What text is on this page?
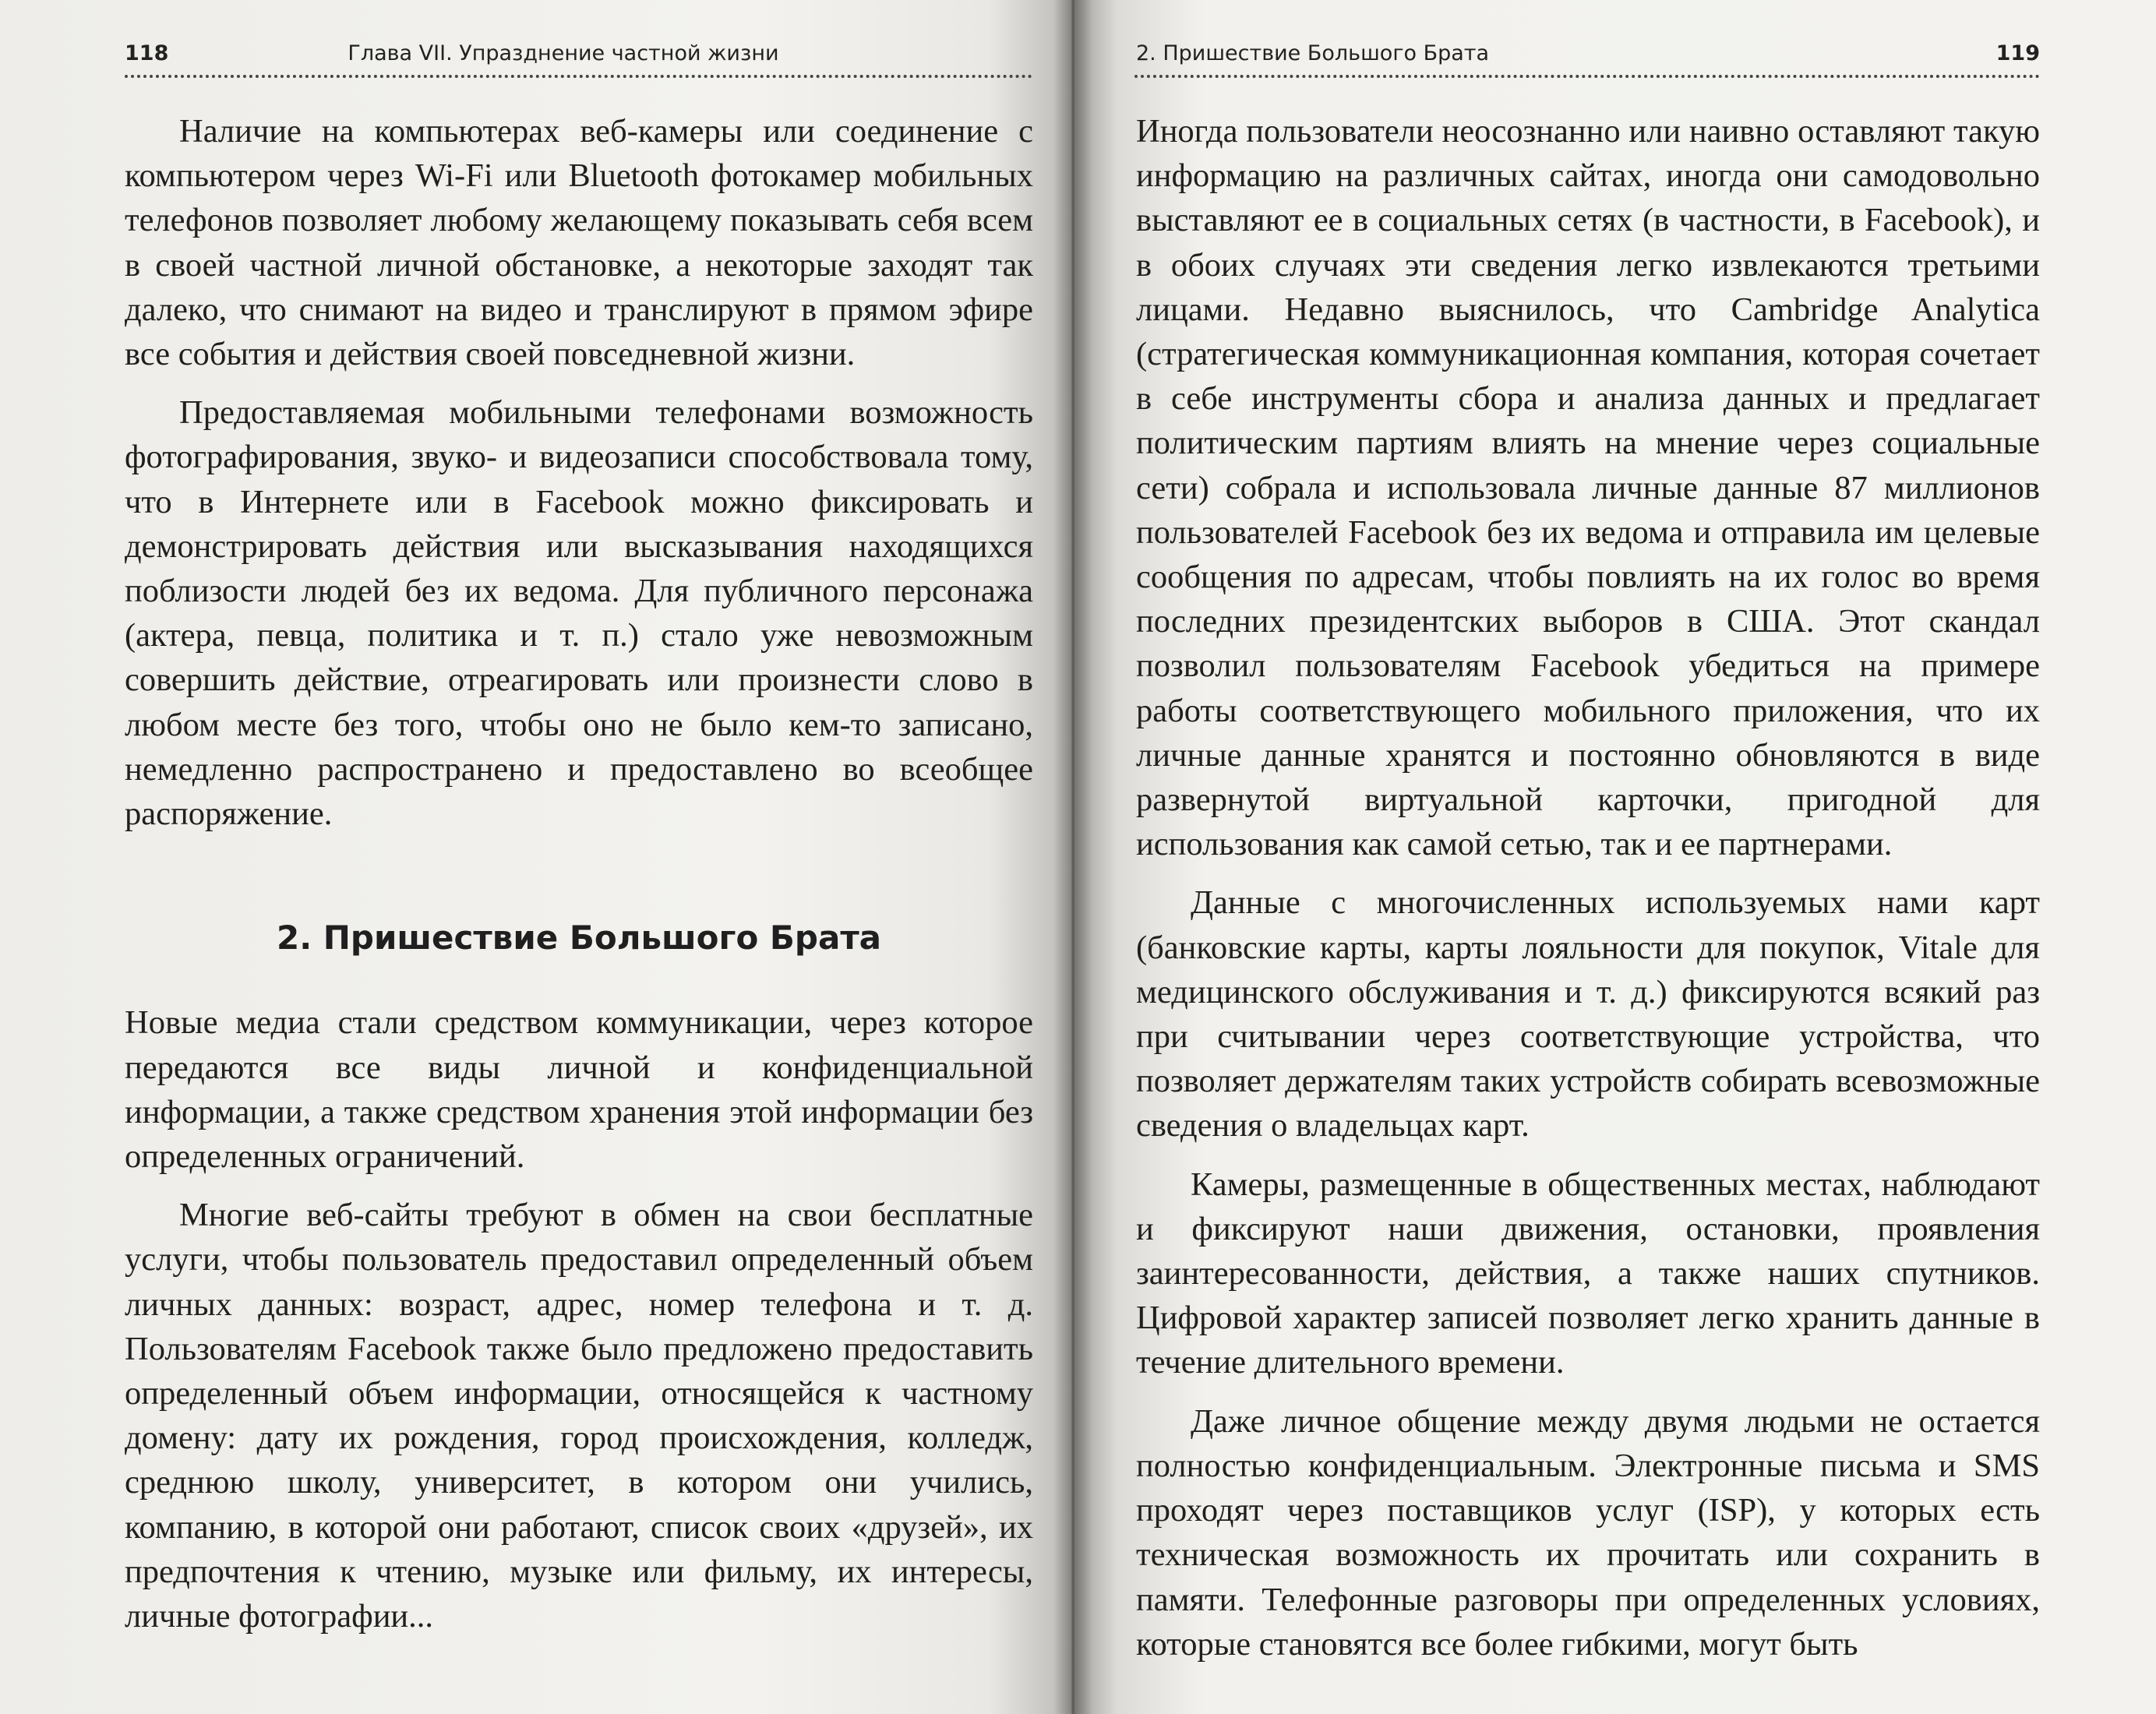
118	Глава VII. Упразднение частной жизни

Наличие на компьютерах веб-камеры или соединение с компьютером через Wi-Fi или Bluetooth фотокамер мобильных телефонов позволяет любому желающему показывать себя всем в своей частной личной обстановке, а некоторые заходят так далеко, что снимают на видео и транслируют в прямом эфире все события и действия своей повседневной жизни.

Предоставляемая мобильными телефонами возможность фотографирования, звуко- и видеозаписи способствовала тому, что в Интернете или в Facebook можно фиксировать и демонстрировать действия или высказывания находящихся поблизости людей без их ведома. Для публичного персонажа (актера, певца, политика и т. п.) стало уже невозможным совершить действие, отреагировать или произнести слово в любом месте без того, чтобы оно не было кем-то записано, немедленно распространено и предоставлено во всеобщее распоряжение.

2. Пришествие Большого Брата

Новые медиа стали средством коммуникации, через которое передаются все виды личной и конфиденциальной информации, а также средством хранения этой информации без определенных ограничений.

Многие веб-сайты требуют в обмен на свои бесплатные услуги, чтобы пользователь предоставил определенный объем личных данных: возраст, адрес, номер телефона и т. д. Пользователям Facebook также было предложено предоставить определенный объем информации, относящейся к частному домену: дату их рождения, город происхождения, колледж, среднюю школу, университет, в котором они учились, компанию, в которой они работают, список своих «друзей», их предпочтения к чтению, музыке или фильму, их интересы, личные фотографии...

2. Пришествие Большого Брата	119

Иногда пользователи неосознанно или наивно оставляют такую информацию на различных сайтах, иногда они самодовольно выставляют ее в социальных сетях (в частности, в Facebook), и в обоих случаях эти сведения легко извлекаются третьими лицами. Недавно выяснилось, что Cambridge Analytica (стратегическая коммуникационная компания, которая сочетает в себе инструменты сбора и анализа данных и предлагает политическим партиям влиять на мнение через социальные сети) собрала и использовала личные данные 87 миллионов пользователей Facebook без их ведома и отправила им целевые сообщения по адресам, чтобы повлиять на их голос во время последних президентских выборов в США. Этот скандал позволил пользователям Facebook убедиться на примере работы соответствующего мобильного приложения, что их личные данные хранятся и постоянно обновляются в виде развернутой виртуальной карточки, пригодной для использования как самой сетью, так и ее партнерами.

Данные с многочисленных используемых нами карт (банковские карты, карты лояльности для покупок, Vitale для медицинского обслуживания и т. д.) фиксируются всякий раз при считывании через соответствующие устройства, что позволяет держателям таких устройств собирать всевозможные сведения о владельцах карт.

Камеры, размещенные в общественных местах, наблюдают и фиксируют наши движения, остановки, проявления заинтересованности, действия, а также наших спутников. Цифровой характер записей позволяет легко хранить данные в течение длительного времени.

Даже личное общение между двумя людьми не остается полностью конфиденциальным. Электронные письма и SMS проходят через поставщиков услуг (ISP), у которых есть техническая возможность их прочитать или сохранить в памяти. Телефонные разговоры при определенных условиях, которые становятся все более гибкими, могут быть
